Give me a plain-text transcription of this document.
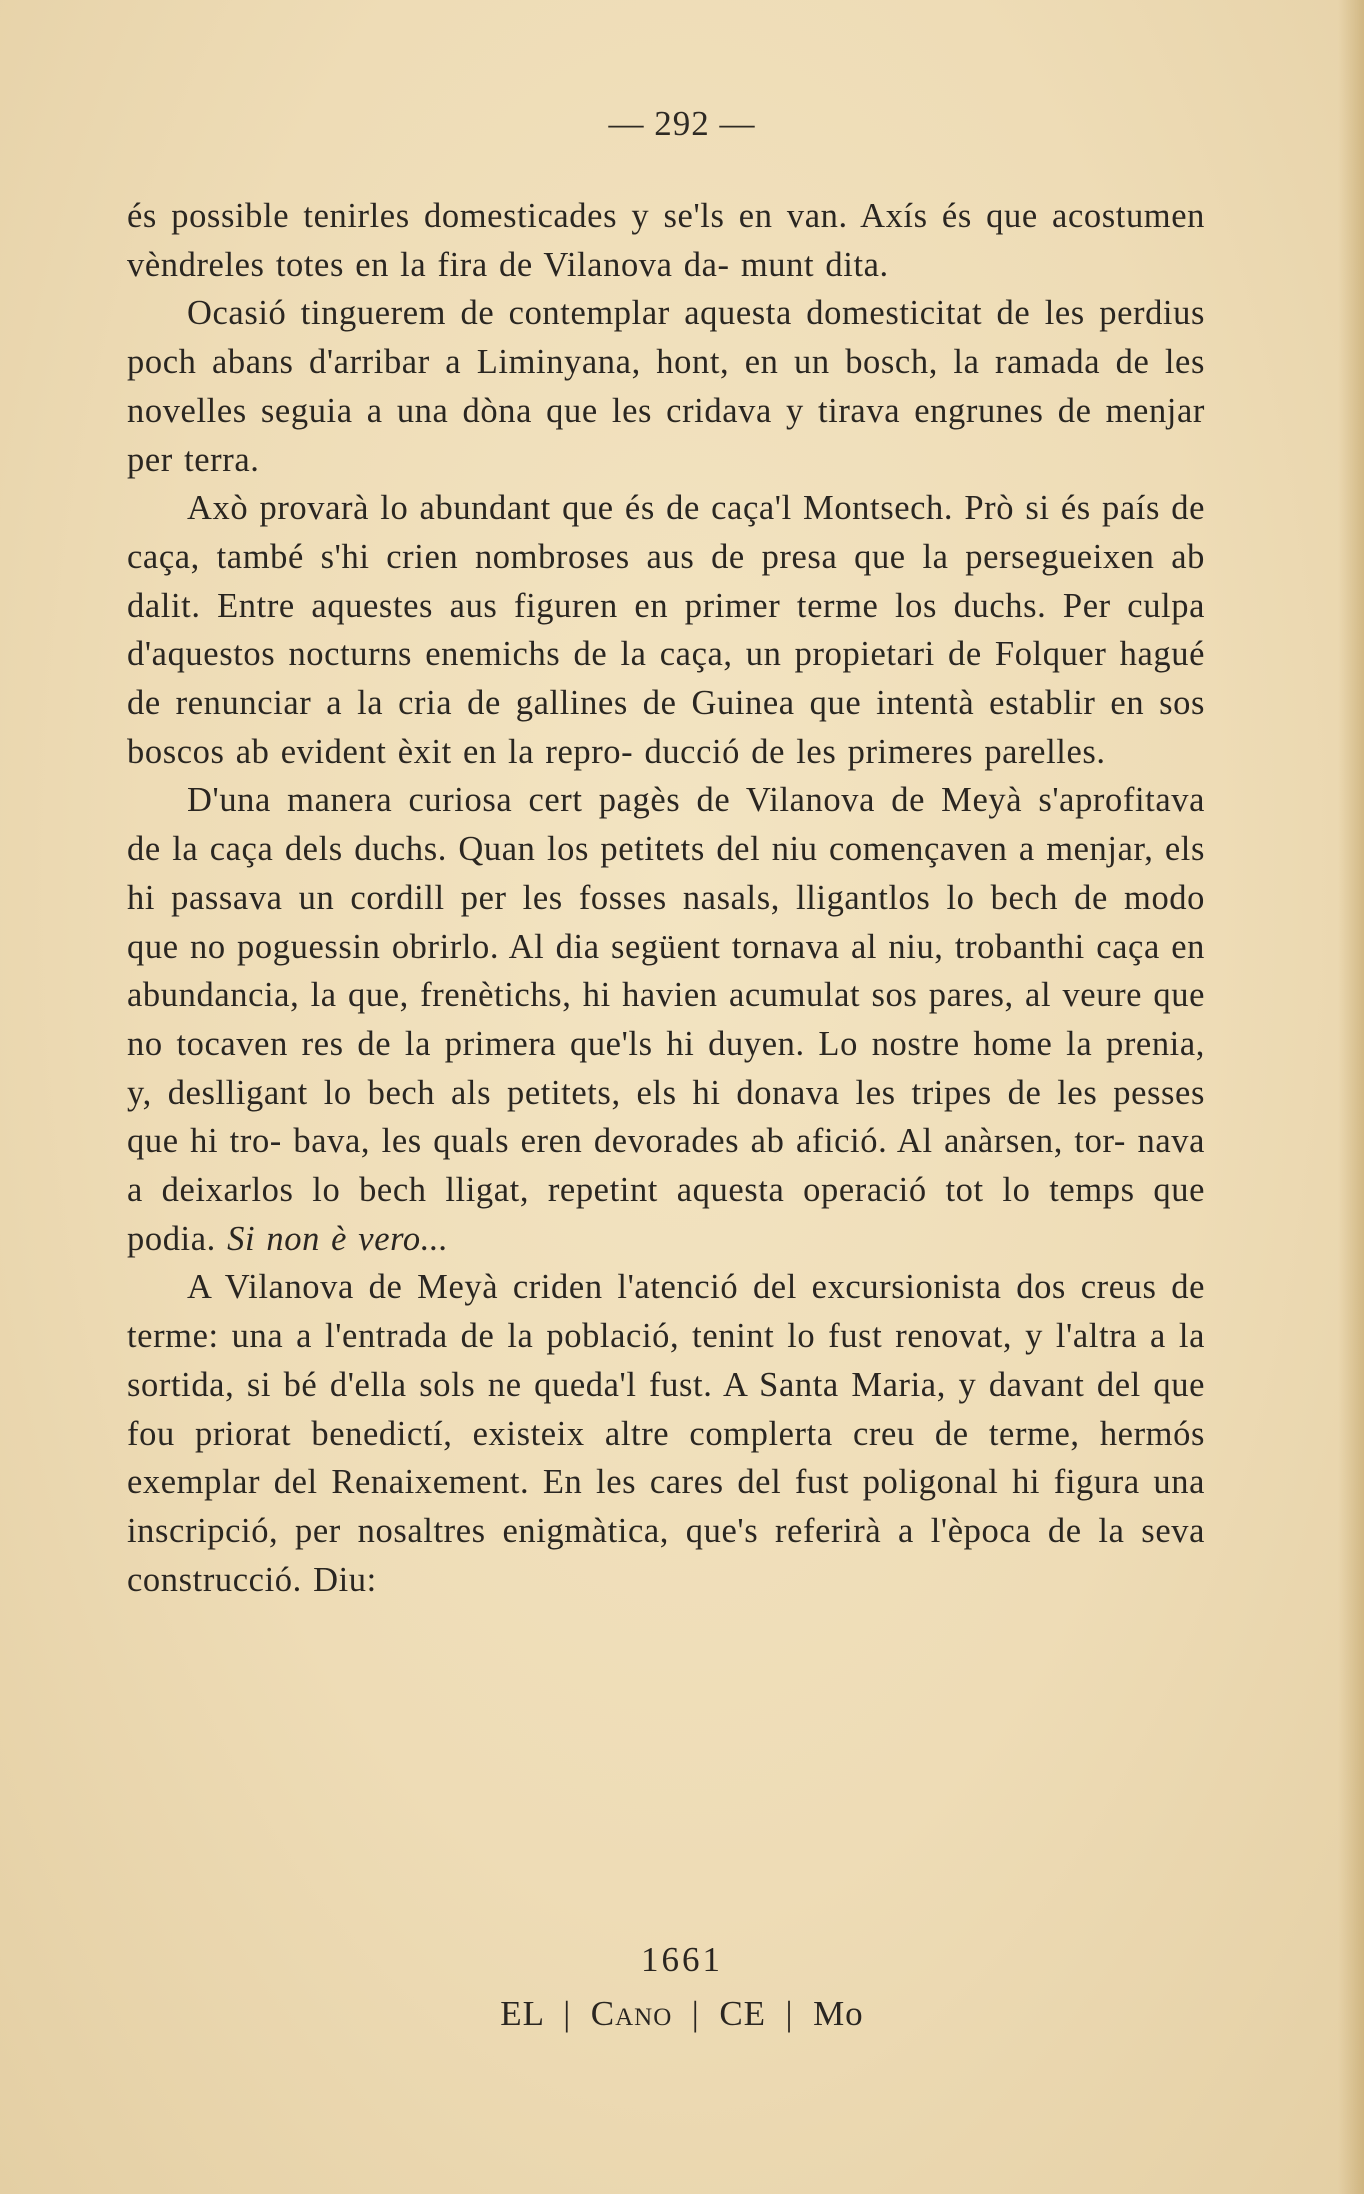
— 292 —

és possible tenirles domesticades y se'ls en van. Axís és que acostumen vèndreles totes en la fira de Vilanova da- munt dita.

Ocasió tinguerem de contemplar aquesta domesticitat de les perdius poch abans d'arribar a Liminyana, hont, en un bosch, la ramada de les novelles seguia a una dòna que les cridava y tirava engrunes de menjar per terra.

Axò provarà lo abundant que és de caça'l Montsech. Prò si és país de caça, també s'hi crien nombroses aus de presa que la persegueixen ab dalit. Entre aquestes aus figuren en primer terme los duchs. Per culpa d'aquestos nocturns enemichs de la caça, un propietari de Folquer hagué de renunciar a la cria de gallines de Guinea que intentà establir en sos boscos ab evident èxit en la repro- ducció de les primeres parelles.

D'una manera curiosa cert pagès de Vilanova de Meyà s'aprofitava de la caça dels duchs. Quan los petitets del niu començaven a menjar, els hi passava un cordill per les fosses nasals, lligantlos lo bech de modo que no poguessin obrirlo. Al dia següent tornava al niu, trobanthi caça en abundancia, la que, frenètichs, hi havien acumulat sos pares, al veure que no tocaven res de la primera que'ls hi duyen. Lo nostre home la prenia, y, deslligant lo bech als petitets, els hi donava les tripes de les pesses que hi tro- bava, les quals eren devorades ab afició. Al anàrsen, tor- nava a deixarlos lo bech lligat, repetint aquesta operació tot lo temps que podia. Si non è vero...

A Vilanova de Meyà criden l'atenció del excursionista dos creus de terme: una a l'entrada de la població, tenint lo fust renovat, y l'altra a la sortida, si bé d'ella sols ne queda'l fust. A Santa Maria, y davant del que fou priorat benedictí, existeix altre complerta creu de terme, hermós exemplar del Renaixement. En les cares del fust poligonal hi figura una inscripció, per nosaltres enigmàtica, que's referirà a l'època de la seva construcció. Diu:

1661
EL | Cano | CE | Mo
